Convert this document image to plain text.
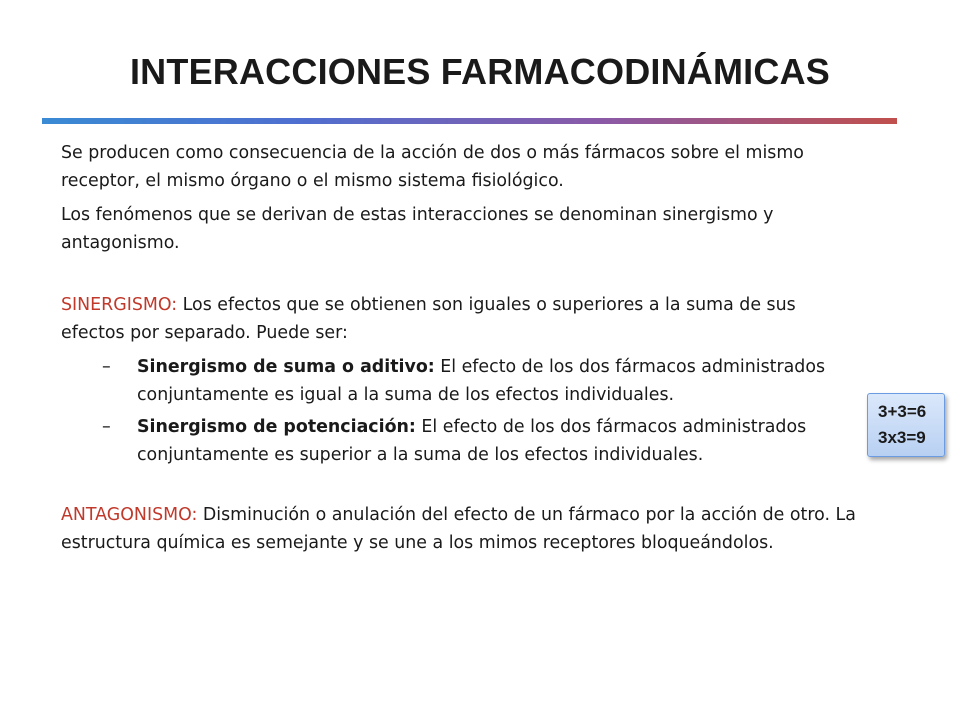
INTERACCIONES FARMACODINÁMICAS

Se producen como consecuencia de la acción de dos o más fármacos sobre el mismo receptor, el mismo órgano o el mismo sistema fisiológico.

Los fenómenos que se derivan de estas interacciones se denominan sinergismo y antagonismo.

SINERGISMO: Los efectos que se obtienen son iguales o superiores a la suma de sus efectos por separado. Puede ser:

– Sinergismo de suma o aditivo: El efecto de los dos fármacos administrados conjuntamente es igual a la suma de los efectos individuales.

– Sinergismo de potenciación: El efecto de los dos fármacos administrados conjuntamente es superior a la suma de los efectos individuales.

ANTAGONISMO: Disminución o anulación del efecto de un fármaco por la acción de otro. La estructura química es semejante y se une a los mimos receptores bloqueándolos.

3+3=6
3x3=9
